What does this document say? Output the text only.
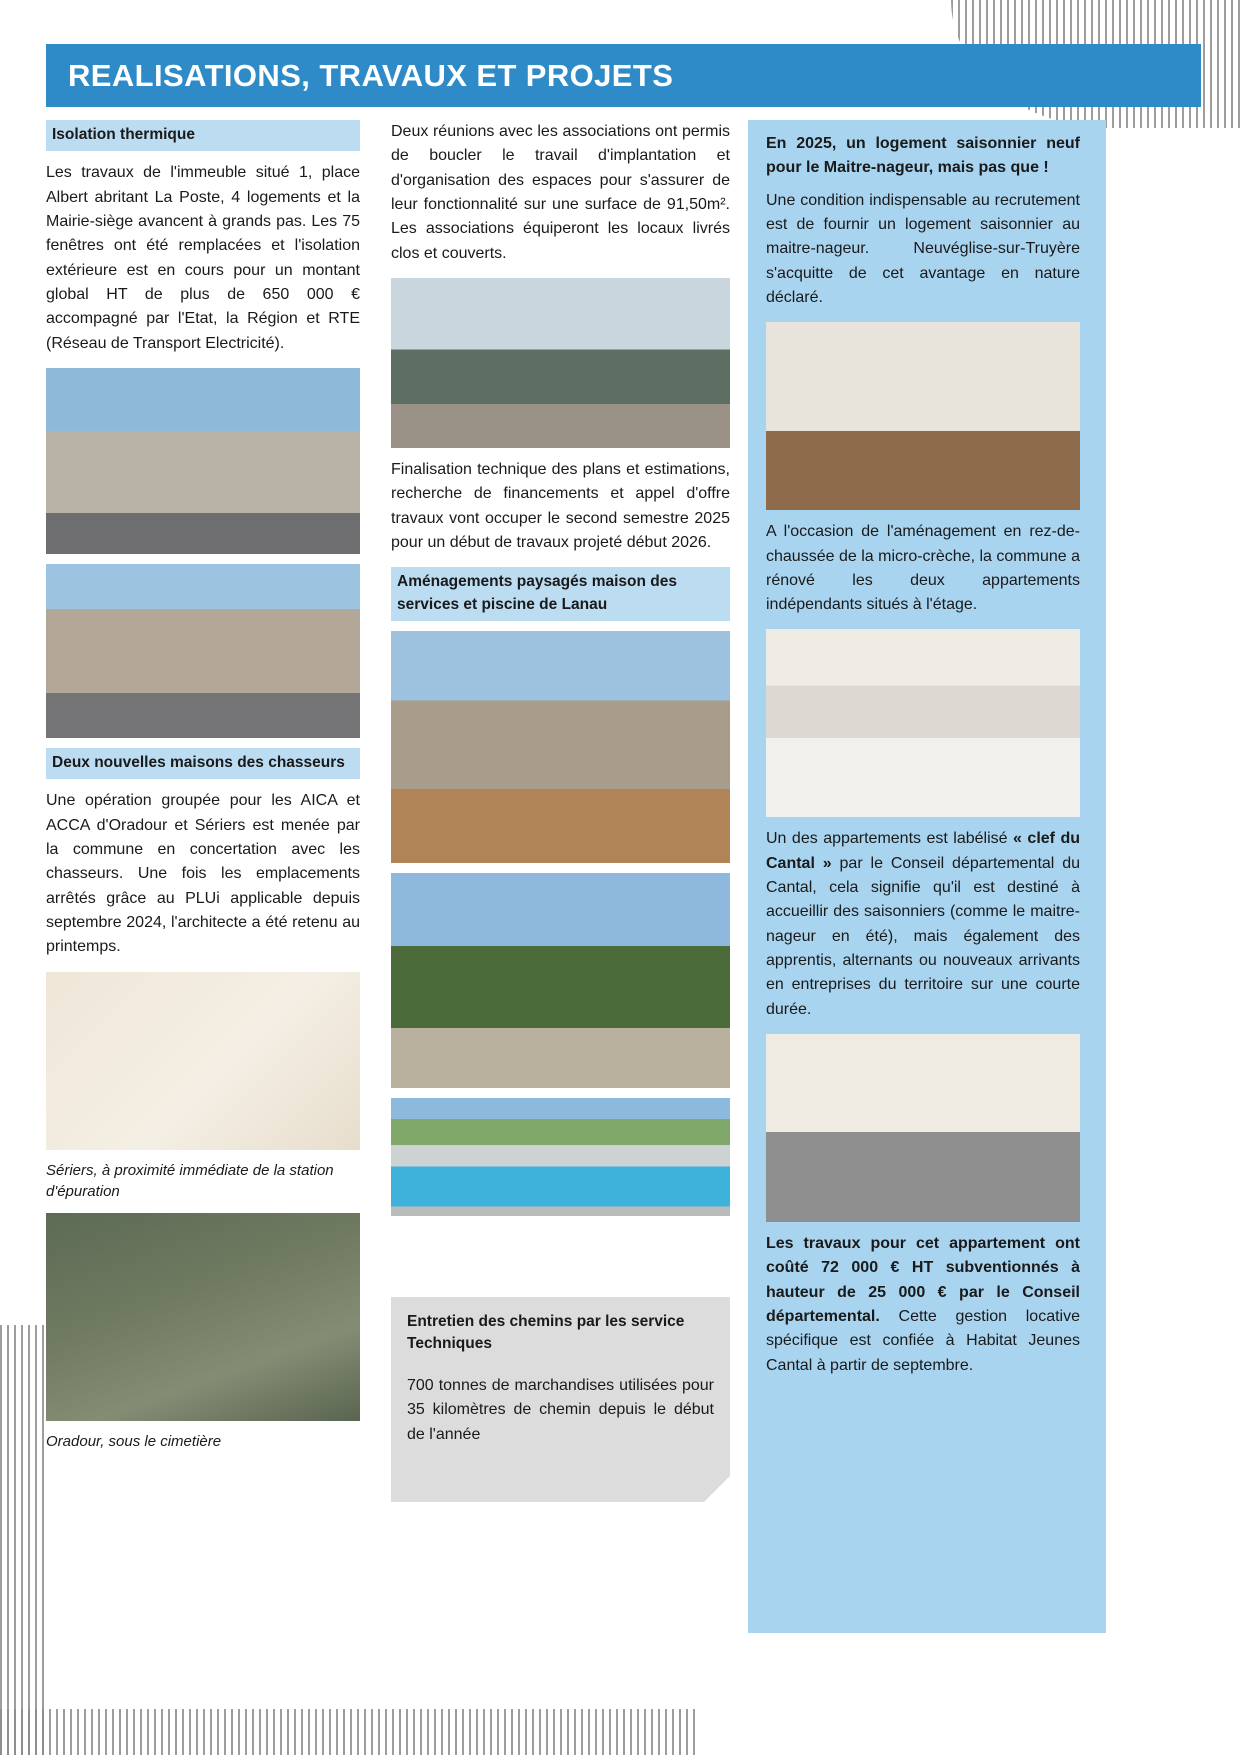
REALISATIONS, TRAVAUX ET PROJETS
Isolation thermique

Les travaux de l'immeuble situé 1, place Albert abritant La Poste, 4 logements et la Mairie-siège avancent à grands pas. Les 75 fenêtres ont été remplacées et l'isolation extérieure est en cours pour un montant global HT de plus de 650 000 € accompagné par l'Etat, la Région et RTE (Réseau de Transport Electricité).

Deux nouvelles maisons des chasseurs

Une opération groupée pour les AICA et ACCA d'Oradour et Sériers est menée par la commune en concertation avec les chasseurs. Une fois les emplacements arrêtés grâce au PLUi applicable depuis septembre 2024, l'architecte a été retenu au printemps.

Sériers, à proximité immédiate de la station d'épuration
Oradour, sous le cimetière

Deux réunions avec les associations ont permis de boucler le travail d'implantation et d'organisation des espaces pour s'assurer de leur fonctionnalité sur une surface de 91,50m². Les associations équiperont les locaux livrés clos et couverts.

Finalisation technique des plans et estimations, recherche de financements et appel d'offre travaux vont occuper le second semestre 2025 pour un début de travaux projeté début 2026.

Aménagements paysagés maison des services et piscine de Lanau
Entretien des chemins par les service Techniques

700 tonnes de marchandises utilisées pour 35 kilomètres de chemin depuis le début de l'année

En 2025, un logement saisonnier neuf pour le Maitre-nageur, mais pas que !

Une condition indispensable au recrutement est de fournir un logement saisonnier au maitre-nageur. Neuvéglise-sur-Truyère s'acquitte de cet avantage en nature déclaré.

A l'occasion de l'aménagement en rez-de-chaussée de la micro-crèche, la commune a rénové les deux appartements indépendants situés à l'étage.

Un des appartements est labélisé « clef du Cantal » par le Conseil départemental du Cantal, cela signifie qu'il est destiné à accueillir des saisonniers (comme le maitre-nageur en été), mais également des apprentis, alternants ou nouveaux arrivants en entreprises du territoire sur une courte durée.

Les travaux pour cet appartement ont coûté 72 000 € HT subventionnés à hauteur de 25 000 € par le Conseil départemental. Cette gestion locative spécifique est confiée à Habitat Jeunes Cantal à partir de septembre.
